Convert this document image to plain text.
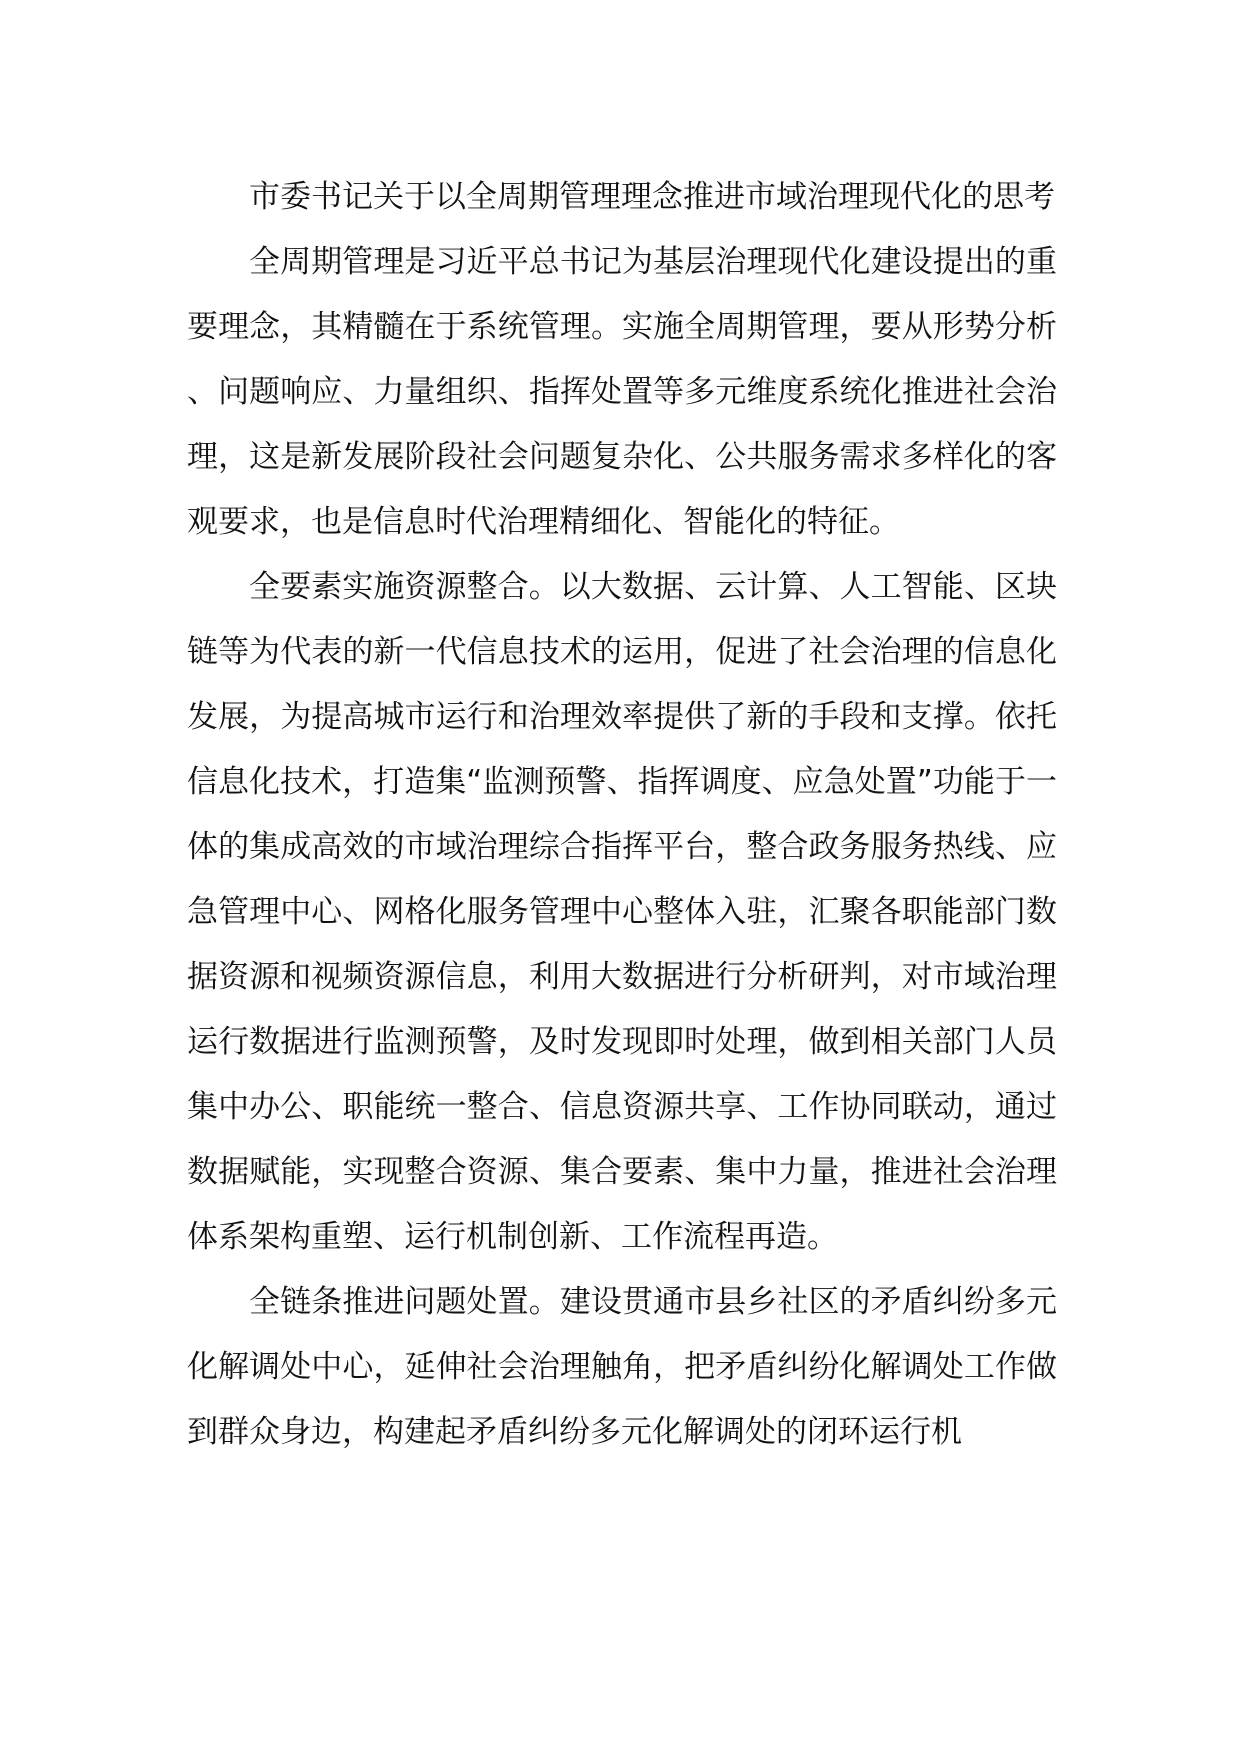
市委书记关于以全周期管理理念推进市域治理现代化的思考

全周期管理是习近平总书记为基层治理现代化建设提出的重要理念，其精髓在于系统管理。实施全周期管理，要从形势分析、问题响应、力量组织、指挥处置等多元维度系统化推进社会治理，这是新发展阶段社会问题复杂化、公共服务需求多样化的客观要求，也是信息时代治理精细化、智能化的特征。

全要素实施资源整合。以大数据、云计算、人工智能、区块链等为代表的新一代信息技术的运用，促进了社会治理的信息化发展，为提高城市运行和治理效率提供了新的手段和支撑。依托信息化技术，打造集“监测预警、指挥调度、应急处置”功能于一体的集成高效的市域治理综合指挥平台，整合政务服务热线、应急管理中心、网格化服务管理中心整体入驻，汇聚各职能部门数据资源和视频资源信息，利用大数据进行分析研判，对市域治理运行数据进行监测预警，及时发现即时处理，做到相关部门人员集中办公、职能统一整合、信息资源共享、工作协同联动，通过数据赋能，实现整合资源、集合要素、集中力量，推进社会治理体系架构重塑、运行机制创新、工作流程再造。

全链条推进问题处置。建设贯通市县乡社区的矛盾纠纷多元化解调处中心，延伸社会治理触角，把矛盾纠纷化解调处工作做到群众身边，构建起矛盾纠纷多元化解调处的闭环运行机
